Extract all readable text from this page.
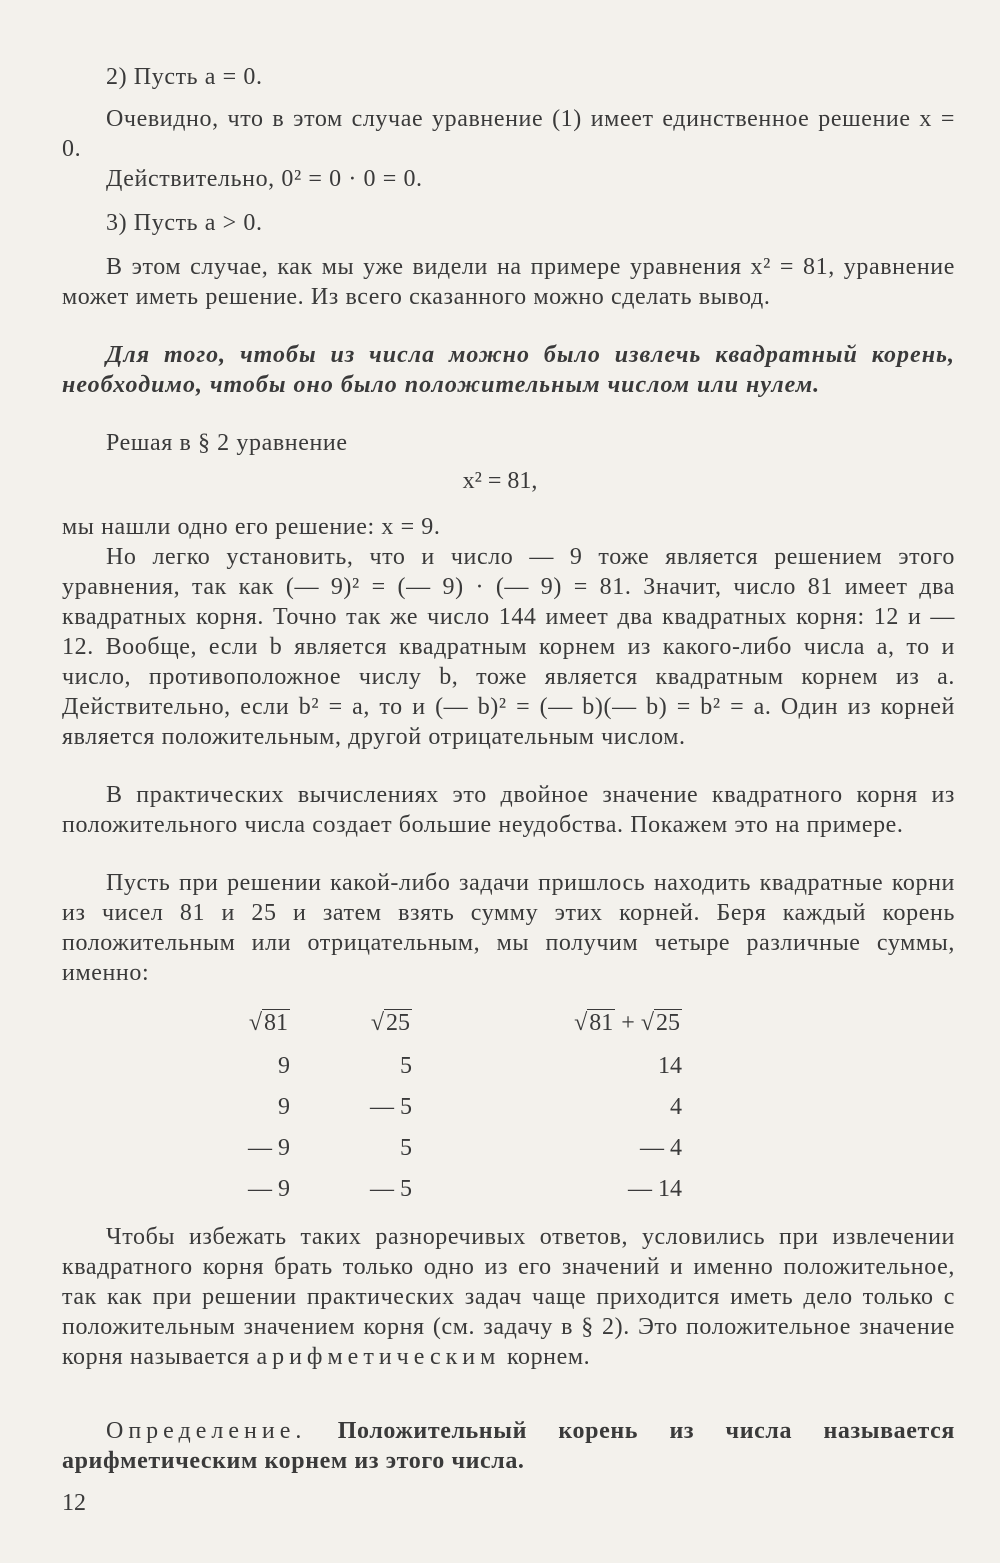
2) Пусть a = 0.
Очевидно, что в этом случае уравнение (1) имеет единственное решение x = 0.
Действительно, 0² = 0 · 0 = 0.
3) Пусть a > 0.
В этом случае, как мы уже видели на примере уравнения x² = 81, уравнение может иметь решение. Из всего сказанного можно сделать вывод.
Для того, чтобы из числа можно было извлечь квадратный корень, необходимо, чтобы оно было положительным числом или нулем.
Решая в § 2 уравнение
x² = 81,
мы нашли одно его решение: x = 9.
Но легко установить, что и число — 9 тоже является решением этого уравнения, так как (— 9)² = (— 9) · (— 9) = 81. Значит, число 81 имеет два квадратных корня. Точно так же число 144 имеет два квадратных корня: 12 и — 12. Вообще, если b является квадратным корнем из какого-либо числа a, то и число, противоположное числу b, тоже является квадратным корнем из a. Действительно, если b² = a, то и (— b)² = (— b)(— b) = b² = a. Один из корней является положительным, другой отрицательным числом.
В практических вычислениях это двойное значение квадратного корня из положительного числа создает большие неудобства. Покажем это на примере.
Пусть при решении какой-либо задачи пришлось находить квадратные корни из чисел 81 и 25 и затем взять сумму этих корней. Беря каждый корень положительным или отрицательным, мы получим четыре различные суммы, именно:
√81	√25	√81 + √25
9	5	14
9	— 5	4
— 9	5	— 4
— 9	— 5	— 14
Чтобы избежать таких разноречивых ответов, условились при извлечении квадратного корня брать только одно из его значений и именно положительное, так как при решении практических задач чаще приходится иметь дело только с положительным значением корня (см. задачу в § 2). Это положительное значение корня называется арифметическим корнем.
Определение. Положительный корень из числа называется арифметическим корнем из этого числа.
12
